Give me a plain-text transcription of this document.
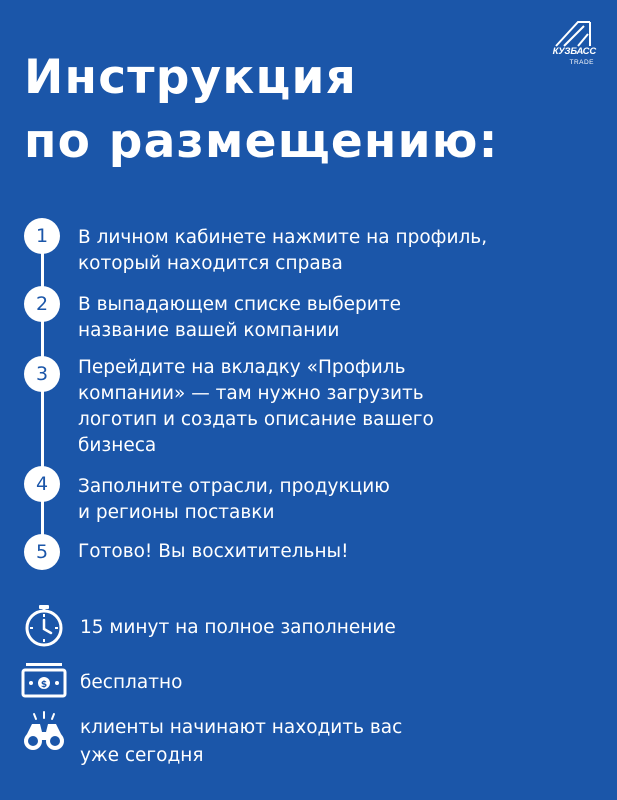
КУЗБАСС
TRADE
Инструкция
по размещению:
1	В личном кабинете нажмите на профиль,
который находится справа

2	В выпадающем списке выберите
название вашей компании

3	Перейдите на вкладку «Профиль
компании» — там нужно загрузить
логотип и создать описание вашего
бизнеса

4	Заполните отрасли, продукцию
и регионы поставки

5	Готово! Вы восхитительны!

15 минут на полное заполнение

$ бесплатно

клиенты начинают находить вас
уже сегодня
